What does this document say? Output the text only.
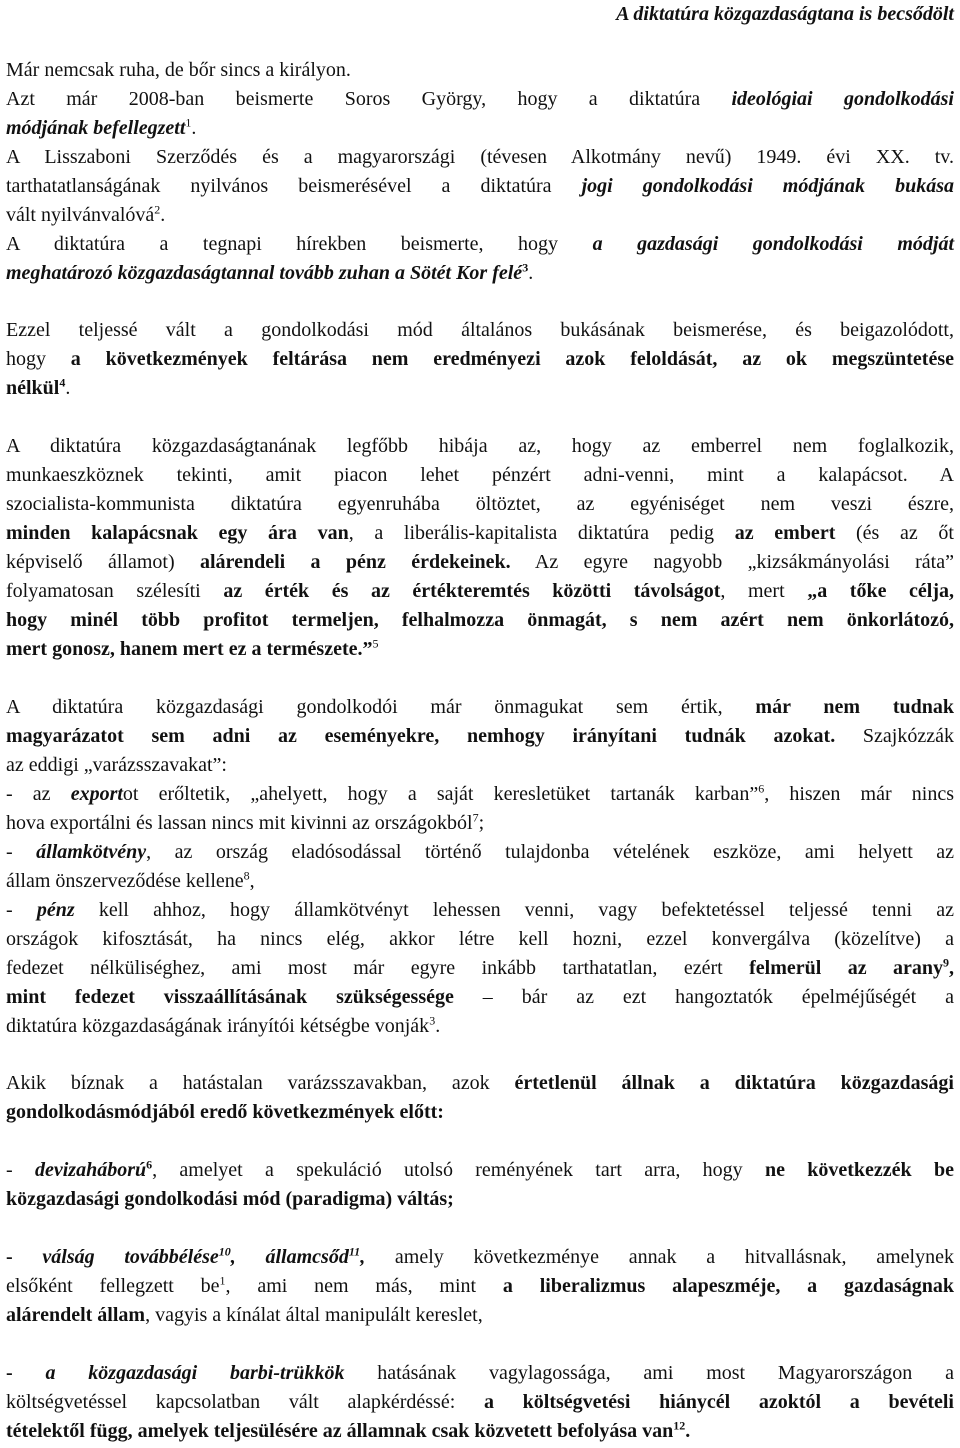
A diktatúra közgazdaságtana is becsődölt
Már nemcsak ruha, de bőr sincs a királyon.
Azt már 2008-ban beismerte Soros György, hogy a diktatúra ideológiai gondolkodási
módjának befellegzett$^1$.
A Lisszaboni Szerződés és a magyarországi (tévesen Alkotmány nevű) 1949. évi XX. tv.
tarthatatlanságának nyilvános beismerésével a diktatúra jogi gondolkodási módjának bukása
vált nyilvánvalóvá$^2$.
A diktatúra a tegnapi hírekben beismerte, hogy a gazdasági gondolkodási módját
meghatározó közgazdaságtannal tovább zuhan a Sötét Kor felé$^3$.
Ezzel teljessé vált a gondolkodási mód általános bukásának beismerése, és beigazolódott,
hogy a következmények feltárása nem eredményezi azok feloldását, az ok megszüntetése
nélkül$^4$.
A diktatúra közgazdaságtanának legfőbb hibája az, hogy az emberrel nem foglalkozik,
munkaeszköznek tekinti, amit piacon lehet pénzért adni-venni, mint a kalapácsot. A
szocialista-kommunista diktatúra egyenruhába öltöztet, az egyéniséget nem veszi észre,
minden kalapácsnak egy ára van, a liberális-kapitalista diktatúra pedig az embert (és az őt
képviselő államot) alárendeli a pénz érdekeinek. Az egyre nagyobb „kizsákmányolási ráta”
folyamatosan szélesíti az érték és az értékteremtés közötti távolságot, mert „a tőke célja,
hogy minél több profitot termeljen, felhalmozza önmagát, s nem azért nem önkorlátozó,
mert gonosz, hanem mert ez a természete.”$^5$
A diktatúra közgazdasági gondolkodói már önmagukat sem értik, már nem tudnak
magyarázatot sem adni az eseményekre, nemhogy irányítani tudnák azokat. Szajkózzák
az eddigi „varázsszavakat”:
- az exportot erőltetik, „ahelyett, hogy a saját keresletüket tartanák karban”$^6$, hiszen már nincs
hova exportálni és lassan nincs mit kivinni az országokból$^7$;
- államkötvény, az ország eladósodással történő tulajdonba vételének eszköze, ami helyett az
állam önszerveződése kellene$^8$,
- pénz kell ahhoz, hogy államkötvényt lehessen venni, vagy befektetéssel teljessé tenni az
országok kifosztását, ha nincs elég, akkor létre kell hozni, ezzel konvergálva (közelítve) a
fedezet nélküliséghez, ami most már egyre inkább tarthatatlan, ezért felmerül az arany$^9$,
mint fedezet visszaállításának szükségessége – bár az ezt hangoztatók épelméjűségét a
diktatúra közgazdaságának irányítói kétségbe vonják$^3$.
Akik bíznak a hatástalan varázsszavakban, azok értetlenül állnak a diktatúra közgazdasági
gondolkodásmódjából eredő következmények előtt:
- devizaháború$^6$, amelyet a spekuláció utolsó reményének tart arra, hogy ne következzék be
közgazdasági gondolkodási mód (paradigma) váltás;
- válság továbbélése$^{10}$, államcsőd$^{11}$, amely következménye annak a hitvallásnak, amelynek
elsőként fellegzett $be^1$, ami nem más, mint a liberalizmus alapeszméje, a gazdaságnak
alárendelt állam, vagyis a kínálat által manipulált kereslet,
- a közgazdasági barbi-trükkök hatásának vagylagossága, ami most Magyarországon a
költségvetéssel kapcsolatban vált alapkérdéssé: a költségvetési hiánycél azoktól a bevételi
tételektől függ, amelyek teljesülésére az államnak csak közvetett befolyása van$^{12}$.
